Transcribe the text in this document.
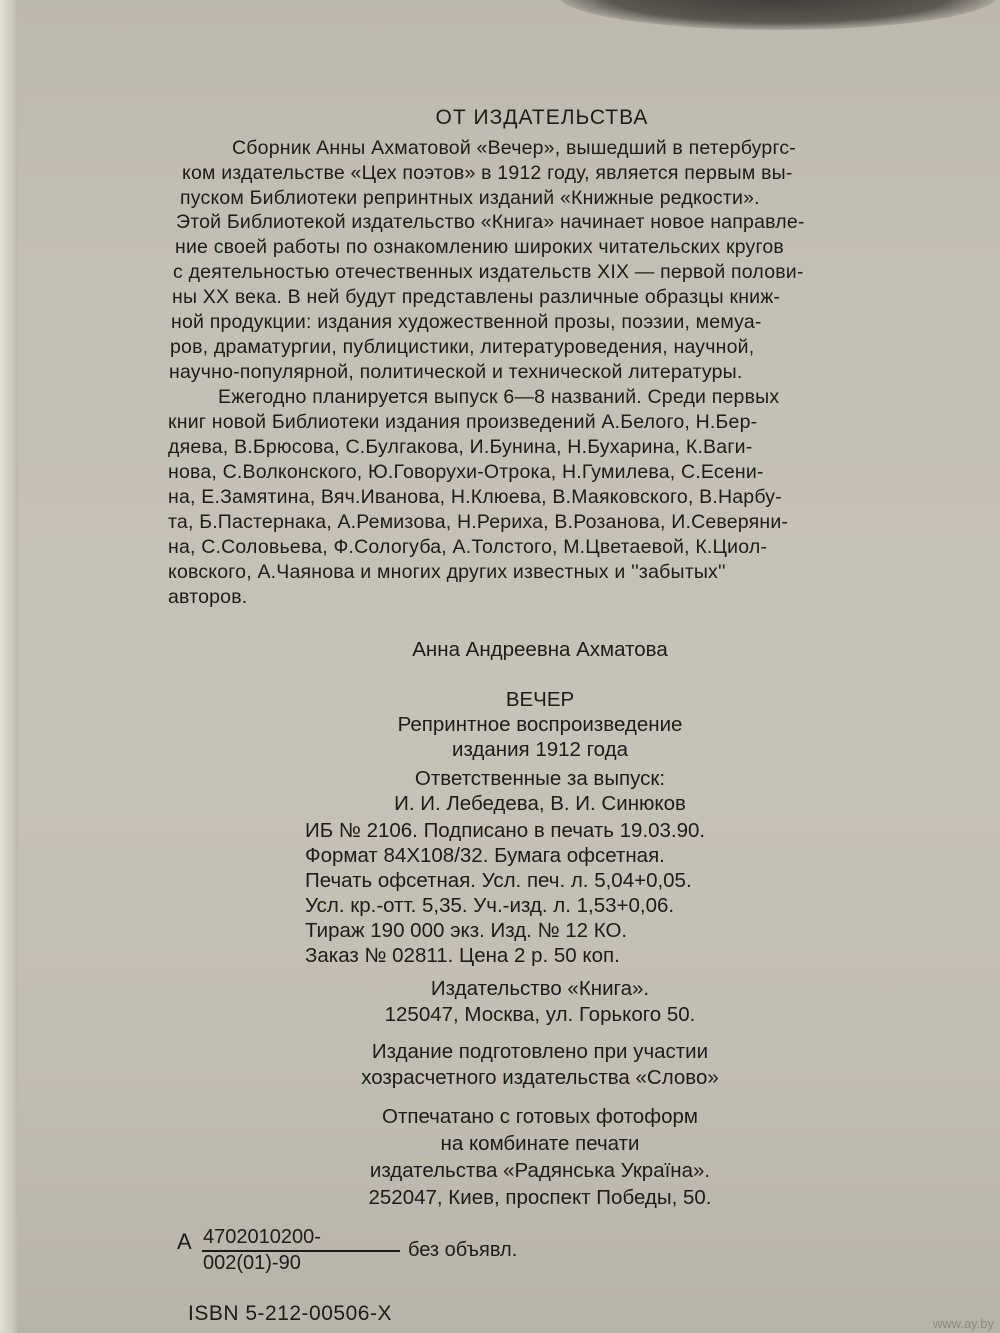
ОТ ИЗДАТЕЛЬСТВА
Сборник Анны Ахматовой «Вечер», вышедший в петербургс-
ком издательстве «Цех поэтов» в 1912 году, является первым вы-
пуском Библиотеки репринтных изданий «Книжные редкости».
Этой Библиотекой издательство «Книга» начинает новое направле-
ние своей работы по ознакомлению широких читательских кругов
с деятельностью отечественных издательств XIX — первой полови-
ны XX века. В ней будут представлены различные образцы книж-
ной продукции: издания художественной прозы, поэзии, мемуа-
ров, драматургии, публицистики, литературоведения, научной,
научно-популярной, политической и технической литературы.
Ежегодно планируется выпуск 6—8 названий. Среди первых
книг новой Библиотеки издания произведений А.Белого, Н.Бер-
дяева, В.Брюсова, С.Булгакова, И.Бунина, Н.Бухарина, К.Ваги-
нова, С.Волконского, Ю.Говорухи-Отрока, Н.Гумилева, С.Есени-
на, Е.Замятина, Вяч.Иванова, Н.Клюева, В.Маяковского, В.Нарбу-
та, Б.Пастернака, А.Ремизова, Н.Рериха, В.Розанова, И.Северяни-
на, С.Соловьева, Ф.Сологуба, А.Толстого, М.Цветаевой, К.Циол-
ковского, А.Чаянова и многих других известных и ''забытых''
авторов.
Анна Андреевна Ахматова
ВЕЧЕР
Репринтное воспроизведение
издания 1912 года
Ответственные за выпуск:
И. И. Лебедева, В. И. Синюков
ИБ № 2106. Подписано в печать 19.03.90.
Формат 84Х108/32. Бумага офсетная.
Печать офсетная. Усл. печ. л. 5,04+0,05.
Усл. кр.-отт. 5,35. Уч.-изд. л. 1,53+0,06.
Тираж 190 000 экз. Изд. № 12 КО.
Заказ № 02811. Цена 2 р. 50 коп.
Издательство «Книга».
125047, Москва, ул. Горького 50.
Издание подготовлено при участии
хозрасчетного издательства «Слово»
Отпечатано с готовых фотоформ
на комбинате печати
издательства «Радянська Україна».
252047, Киев, проспект Победы, 50.
А 4702010200-
002(01)-90
без объявл.
ISBN 5-212-00506-Х	www.ay.by
